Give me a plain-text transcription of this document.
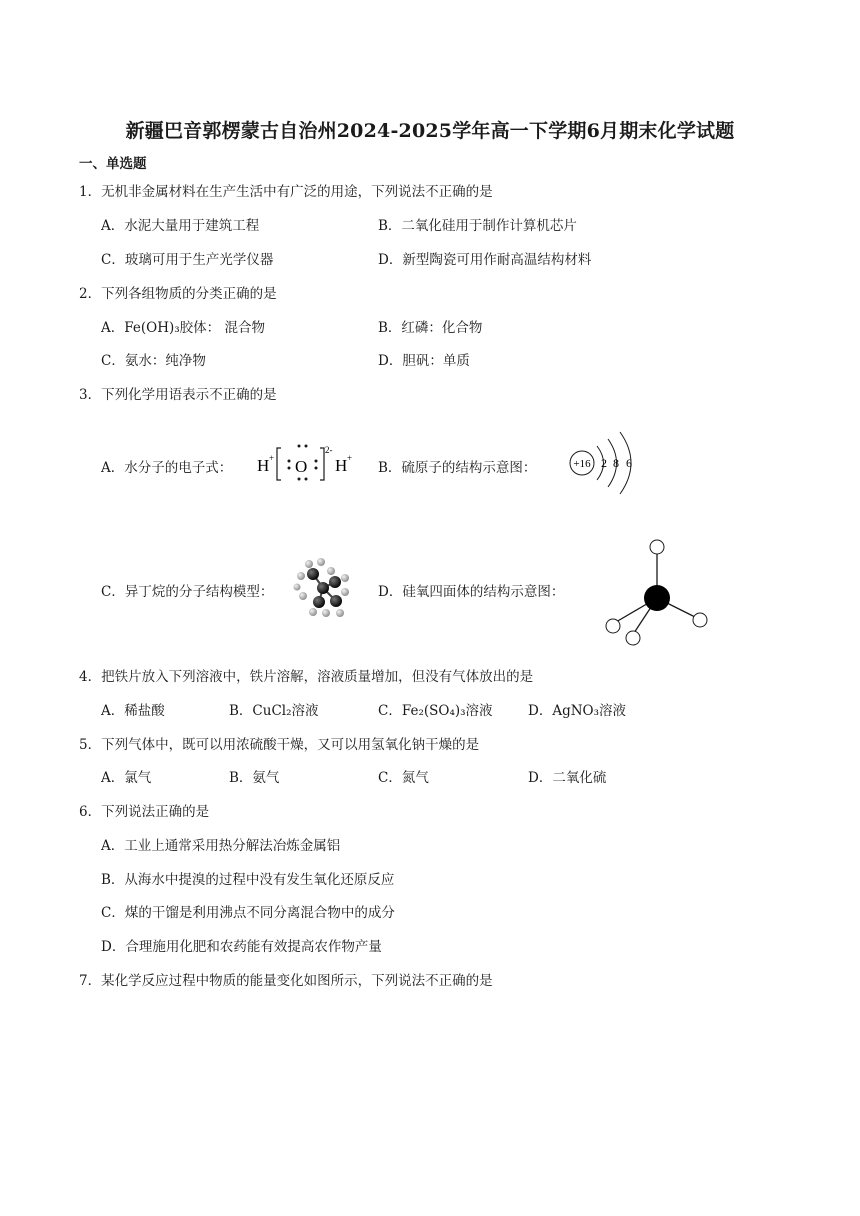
新疆巴音郭楞蒙古自治州2024-2025学年高一下学期6月期末化学试题
一、单选题
1．无机非金属材料在生产生活中有广泛的用途，下列说法不正确的是
A．水泥大量用于建筑工程	B．二氧化硅用于制作计算机芯片
C．玻璃可用于生产光学仪器	D．新型陶瓷可用作耐高温结构材料
2．下列各组物质的分类正确的是
A．Fe(OH)₃胶体： 混合物	B．红磷：化合物
C．氨水：纯净物	D．胆矾：单质
3．下列化学用语表示不正确的是
A．水分子的电子式： H + O
2-
H +
B．硫原子的结构示意图：	+16 2 8 6
C．异丁烷的分子结构模型：	D．硅氧四面体的结构示意图：
4．把铁片放入下列溶液中，铁片溶解，溶液质量增加，但没有气体放出的是
A．稀盐酸	B．CuCl₂溶液	C．Fe₂(SO₄)₃溶液	D．AgNO₃溶液
5．下列气体中，既可以用浓硫酸干燥，又可以用氢氧化钠干燥的是
A．氯气	B．氨气	C．氮气	D．二氧化硫
6．下列说法正确的是
A．工业上通常采用热分解法冶炼金属铝
B．从海水中提溴的过程中没有发生氧化还原反应
C．煤的干馏是利用沸点不同分离混合物中的成分
D．合理施用化肥和农药能有效提高农作物产量
7．某化学反应过程中物质的能量变化如图所示，下列说法不正确的是
